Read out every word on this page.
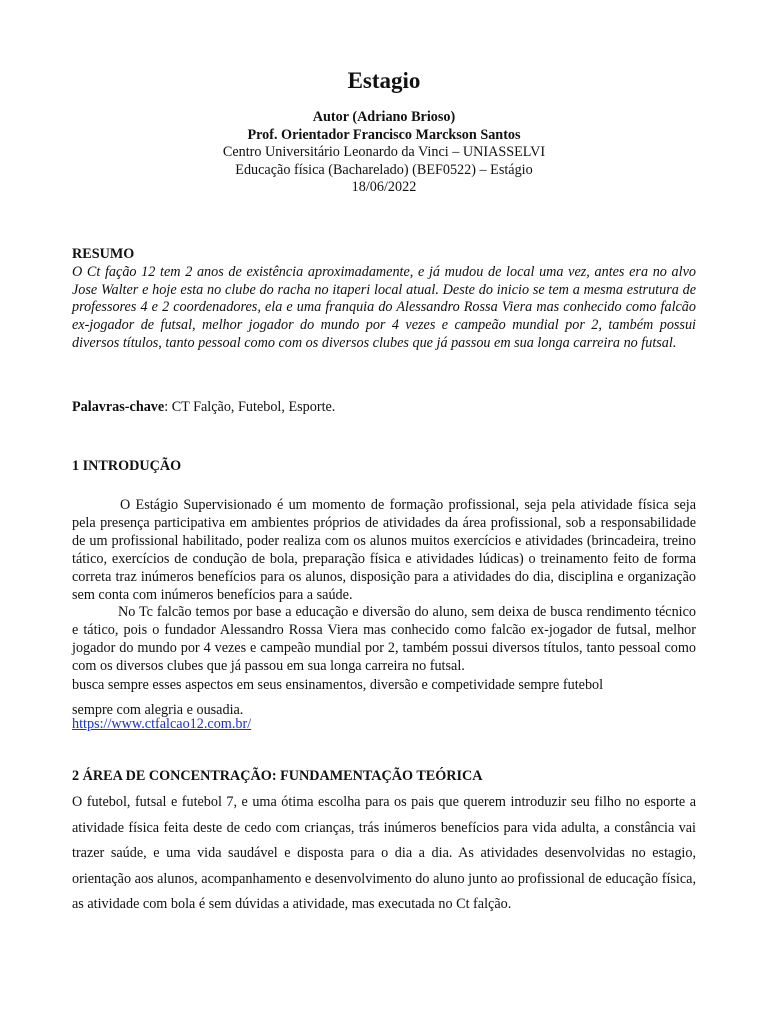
Estagio
Autor (Adriano Brioso)
Prof. Orientador Francisco Marckson Santos
Centro Universitário Leonardo da Vinci – UNIASSELVI
Educação física (Bacharelado) (BEF0522) – Estágio
18/06/2022
RESUMO
O Ct fação 12 tem 2 anos de existência aproximadamente, e já mudou de local uma vez, antes era no alvo Jose Walter e hoje esta no clube do racha no itaperi local atual. Deste do inicio se tem a mesma estrutura de professores 4 e 2 coordenadores, ela e uma franquia do Alessandro Rossa Viera mas conhecido como falcão ex-jogador de futsal, melhor jogador do mundo por 4 vezes e campeão mundial por 2, também possui diversos títulos, tanto pessoal como com os diversos clubes que já passou em sua longa carreira no futsal.
Palavras-chave: CT Falção, Futebol, Esporte.
1 INTRODUÇÃO

O Estágio Supervisionado é um momento de formação profissional, seja pela atividade física seja pela presença participativa em ambientes próprios de atividades da área profissional, sob a responsabilidade de um profissional habilitado, poder realiza com os alunos muitos exercícios e atividades (brincadeira, treino tático, exercícios de condução de bola, preparação física e atividades lúdicas) o treinamento feito de forma correta traz inúmeros benefícios para os alunos, disposição para a atividades do dia, disciplina e organização sem conta com inúmeros benefícios para a saúde.

No Tc falcão temos por base a educação e diversão do aluno, sem deixa de busca rendimento técnico e tático, pois o fundador Alessandro Rossa Viera mas conhecido como falcão ex-jogador de futsal, melhor jogador do mundo por 4 vezes e campeão mundial por 2, também possui diversos títulos, tanto pessoal como com os diversos clubes que já passou em sua longa carreira no futsal.

busca sempre esses aspectos em seus ensinamentos, diversão e competividade sempre futebol

sempre com alegria e ousadia.

https://www.ctfalcao12.com.br/
2 ÁREA DE CONCENTRAÇÃO: FUNDAMENTAÇÃO TEÓRICA

O futebol, futsal e futebol 7, e uma ótima escolha para os pais que querem introduzir seu filho no esporte a atividade física feita deste de cedo com crianças, trás inúmeros benefícios para vida adulta, a constância vai trazer saúde, e uma vida saudável e disposta para o dia a dia. As atividades desenvolvidas no estagio, orientação aos alunos, acompanhamento e desenvolvimento do aluno junto ao profissional de educação física, as atividade com bola é sem dúvidas a atividade, mas executada no Ct falção.
